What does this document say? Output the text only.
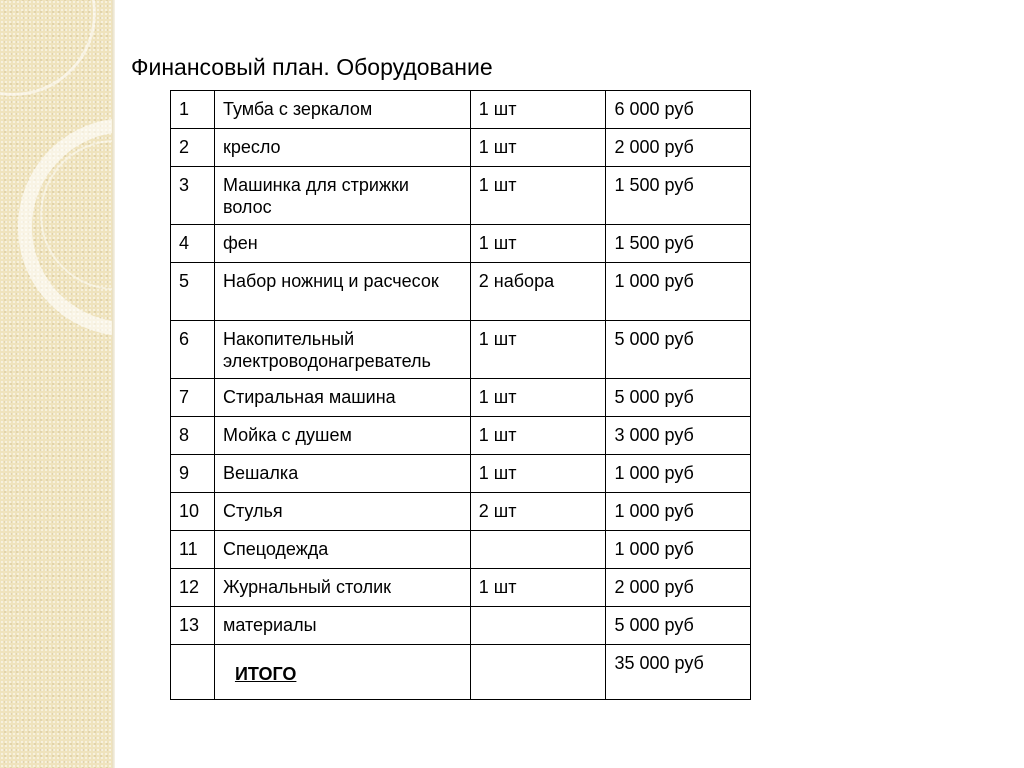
Финансовый план. Оборудование
1	Тумба с зеркалом	1 шт	6 000 руб
2	кресло	1 шт	2 000 руб
3	Машинка для стрижки волос	1 шт	1 500 руб
4	фен	1 шт	1 500 руб
5	Набор ножниц и расчесок	2 набора	1 000 руб
6	Накопительный электроводонагреватель	1 шт	5 000 руб
7	Стиральная машина	1 шт	5 000 руб
8	Мойка с душем	1 шт	3 000 руб
9	Вешалка	1 шт	1 000 руб
10	Стулья	2 шт	1 000 руб
11	Спецодежда		1 000 руб
12	Журнальный столик	1 шт	2 000 руб
13	материалы		5 000 руб
	ИТОГО		35 000 руб
